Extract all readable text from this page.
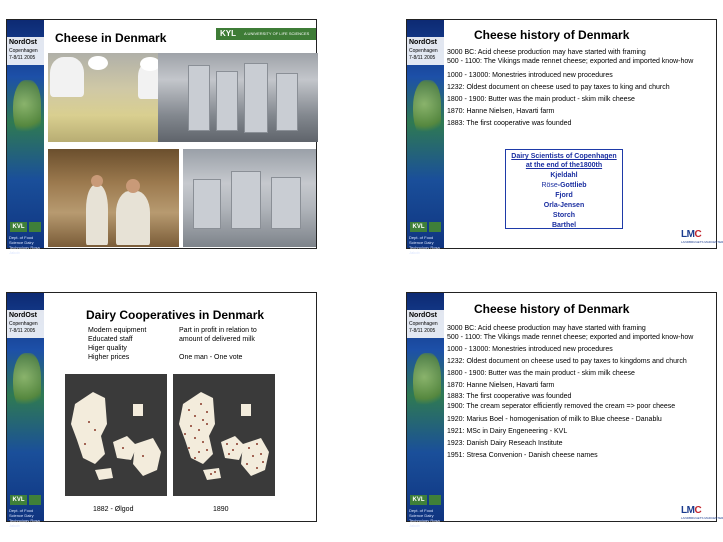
NordOst
Copenhagen
7-8/11 2005
KVL
Dept. of Food Science Dairy Technology Rosa Jakob
Cheese in Denmark	KYL A UNIVERSITY OF LIFE SCIENCES
NordOst
Copenhagen
7-8/11 2005
KVL
Dept. of Food Science Dairy Technology Rosa Jakob
Cheese history of Denmark
3000 BC: Acid cheese production may have started with framing
500 - 1100: The Vikings made rennet cheese; exported and imported know-how
1000 - 13000: Monestries introduced new procedures
1232: Oldest document on cheese used to pay taxes to king and church
1800 - 1900: Butter was the main product - skim milk cheese
1870: Hanne Nielsen, Havarti farm
1883: The first cooperative was founded
Dairy Scientists of Copenhagen
at the end of the1800th
Kjeldahl
Röse-Gottlieb
Fjord
Orla-Jensen
Storch
Barthel
LMC
LANDBRUGETS MADCENTER
NordOst
Copenhagen
7-8/11 2005
KVL
Dept. of Food Science Dairy Technology Rosa Jakob
Dairy Cooperatives in Denmark
Modern equipment
Educated staff
Higer quality
Higher prices
Part in profit in relation to
amount of delivered milk
One man - One vote
1882 - Ølgod	1890
NordOst
Copenhagen
7-8/11 2005
KVL
Dept. of Food Science Dairy Technology Rosa Jakob
Cheese history of Denmark
3000 BC: Acid cheese production may have started with framing
500 - 1100: The Vikings made rennet cheese; exported and imported know-how
1000 - 13000: Monestries introduced new procedures
1232: Oldest document on cheese used to pay taxes to kingdoms and church
1800 - 1900: Butter was the main product - skim milk cheese
1870: Hanne Nielsen, Havarti farm
1883: The first cooperative was founded
1900: The cream seperator efficiently removed the cream => poor cheese
1920: Marius Boel - homogenisation of milk to Blue cheese - Danablu
1921: MSc in Dairy Engeneering - KVL
1923: Danish Dairy Reseach Institute
1951: Stresa Convenion - Danish cheese names
LMC
LANDBRUGETS MADCENTER
